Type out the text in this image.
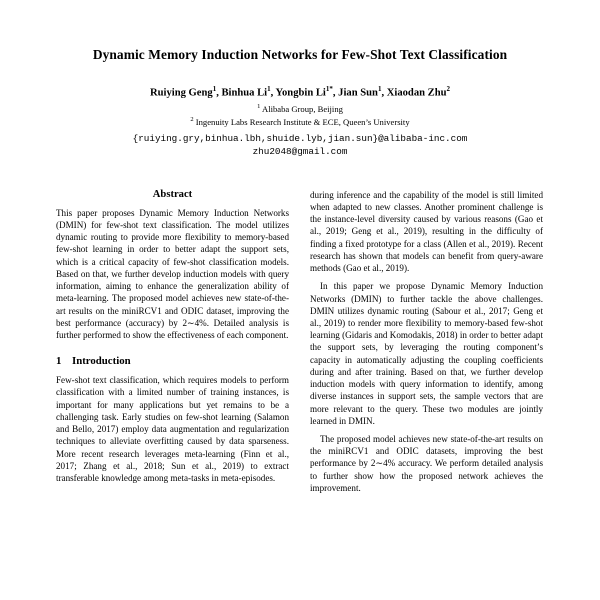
Dynamic Memory Induction Networks for Few-Shot Text Classification
Ruiying Geng$^1$, Binhua Li$^1$, Yongbin $Li^{1*}$, Jian Sun$^1$, Xiaodan Zhu$^2$
$^1$ Alibaba Group, Beijing
$^2$ Ingenuity Labs Research Institute & ECE, Queen’s University
{ruiying.gry,binhua.lbh,shuide.lyb,jian.sun}@alibaba-inc.com
zhu2048@gmail.com
Abstract

This paper proposes Dynamic Memory Induction Networks (DMIN) for few-shot text classification. The model utilizes dynamic routing to provide more flexibility to memory-based few-shot learning in order to better adapt the support sets, which is a critical capacity of few-shot classification models. Based on that, we further develop induction models with query information, aiming to enhance the generalization ability of meta-learning. The proposed model achieves new state-of-the-art results on the miniRCV1 and ODIC dataset, improving the best performance (accuracy) by 2∼4%. Detailed analysis is further performed to show the effectiveness of each component.

1 Introduction

Few-shot text classification, which requires models to perform classification with a limited number of training instances, is important for many applications but yet remains to be a challenging task. Early studies on few-shot learning (Salamon and Bello, 2017) employ data augmentation and regularization techniques to alleviate overfitting caused by data sparseness. More recent research leverages meta-learning (Finn et al., 2017; Zhang et al., 2018; Sun et al., 2019) to extract transferable knowledge among meta-tasks in meta-episodes.

during inference and the capability of the model is still limited when adapted to new classes. Another prominent challenge is the instance-level diversity caused by various reasons (Gao et al., 2019; Geng et al., 2019), resulting in the difficulty of finding a fixed prototype for a class (Allen et al., 2019). Recent research has shown that models can benefit from query-aware methods (Gao et al., 2019).

In this paper we propose Dynamic Memory Induction Networks (DMIN) to further tackle the above challenges. DMIN utilizes dynamic routing (Sabour et al., 2017; Geng et al., 2019) to render more flexibility to memory-based few-shot learning (Gidaris and Komodakis, 2018) in order to better adapt the support sets, by leveraging the routing component’s capacity in automatically adjusting the coupling coefficients during and after training. Based on that, we further develop induction models with query information to identify, among diverse instances in support sets, the sample vectors that are more relevant to the query. These two modules are jointly learned in DMIN.

The proposed model achieves new state-of-the-art results on the miniRCV1 and ODIC datasets, improving the best performance by 2∼4% accuracy. We perform detailed analysis to further show how the proposed network achieves the improvement.
